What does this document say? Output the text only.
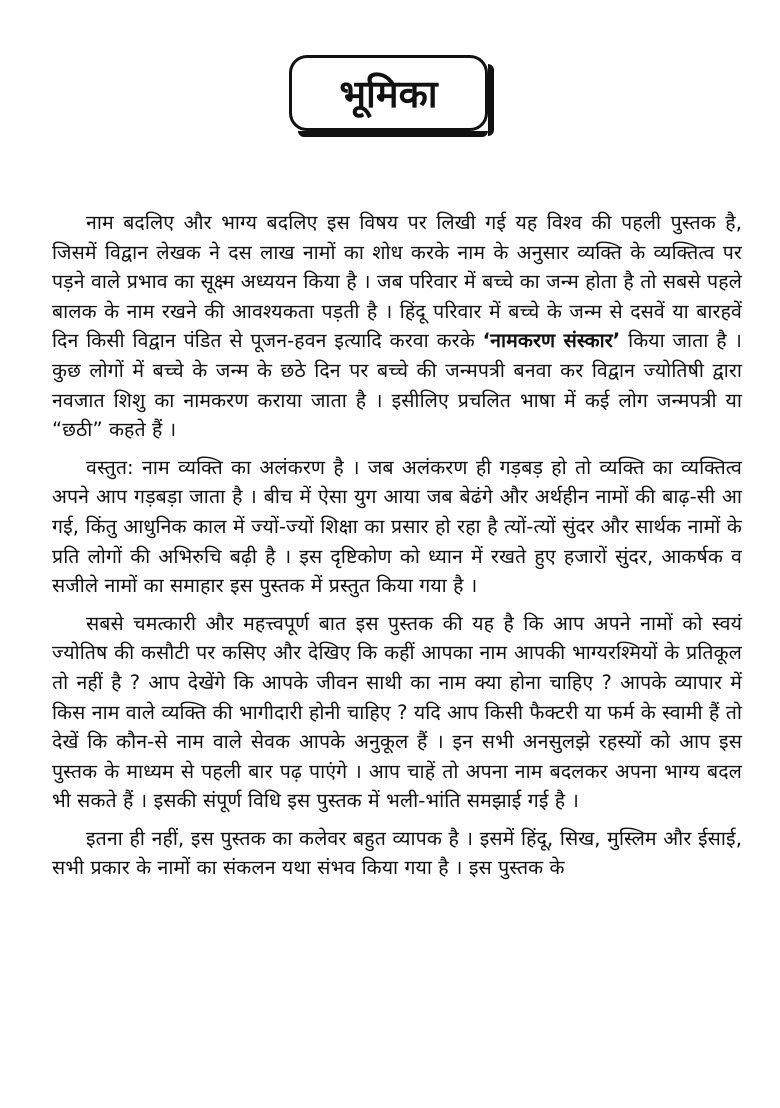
भूमिका

नाम बदलिए और भाग्य बदलिए इस विषय पर लिखी गई यह विश्व की पहली पुस्तक है, जिसमें विद्वान लेखक ने दस लाख नामों का शोध करके नाम के अनुसार व्यक्ति के व्यक्तित्व पर पड़ने वाले प्रभाव का सूक्ष्म अध्ययन किया है । जब परिवार में बच्चे का जन्म होता है तो सबसे पहले बालक के नाम रखने की आवश्यकता पड़ती है । हिंदू परिवार में बच्चे के जन्म से दसवें या बारहवें दिन किसी विद्वान पंडित से पूजन-हवन इत्यादि करवा करके ‘नामकरण संस्कार’ किया जाता है । कुछ लोगों में बच्चे के जन्म के छठे दिन पर बच्चे की जन्मपत्री बनवा कर विद्वान ज्योतिषी द्वारा नवजात शिशु का नामकरण कराया जाता है । इसीलिए प्रचलित भाषा में कई लोग जन्मपत्री या “छठी” कहते हैं ।

वस्तुत: नाम व्यक्ति का अलंकरण है । जब अलंकरण ही गड़बड़ हो तो व्यक्ति का व्यक्तित्व अपने आप गड़बड़ा जाता है । बीच में ऐसा युग आया जब बेढंगे और अर्थहीन नामों की बाढ़-सी आ गई, किंतु आधुनिक काल में ज्यों-ज्यों शिक्षा का प्रसार हो रहा है त्यों-त्यों सुंदर और सार्थक नामों के प्रति लोगों की अभिरुचि बढ़ी है । इस दृष्टिकोण को ध्यान में रखते हुए हजारों सुंदर, आकर्षक व सजीले नामों का समाहार इस पुस्तक में प्रस्तुत किया गया है ।

सबसे चमत्कारी और महत्त्वपूर्ण बात इस पुस्तक की यह है कि आप अपने नामों को स्वयं ज्योतिष की कसौटी पर कसिए और देखिए कि कहीं आपका नाम आपकी भाग्यरश्मियों के प्रतिकूल तो नहीं है ? आप देखेंगे कि आपके जीवन साथी का नाम क्या होना चाहिए ? आपके व्यापार में किस नाम वाले व्यक्ति की भागीदारी होनी चाहिए ? यदि आप किसी फैक्टरी या फर्म के स्वामी हैं तो देखें कि कौन-से नाम वाले सेवक आपके अनुकूल हैं । इन सभी अनसुलझे रहस्यों को आप इस पुस्तक के माध्यम से पहली बार पढ़ पाएंगे । आप चाहें तो अपना नाम बदलकर अपना भाग्य बदल भी सकते हैं । इसकी संपूर्ण विधि इस पुस्तक में भली-भांति समझाई गई है ।

इतना ही नहीं, इस पुस्तक का कलेवर बहुत व्यापक है । इसमें हिंदू, सिख, मुस्लिम और ईसाई, सभी प्रकार के नामों का संकलन यथा संभव किया गया है । इस पुस्तक के
